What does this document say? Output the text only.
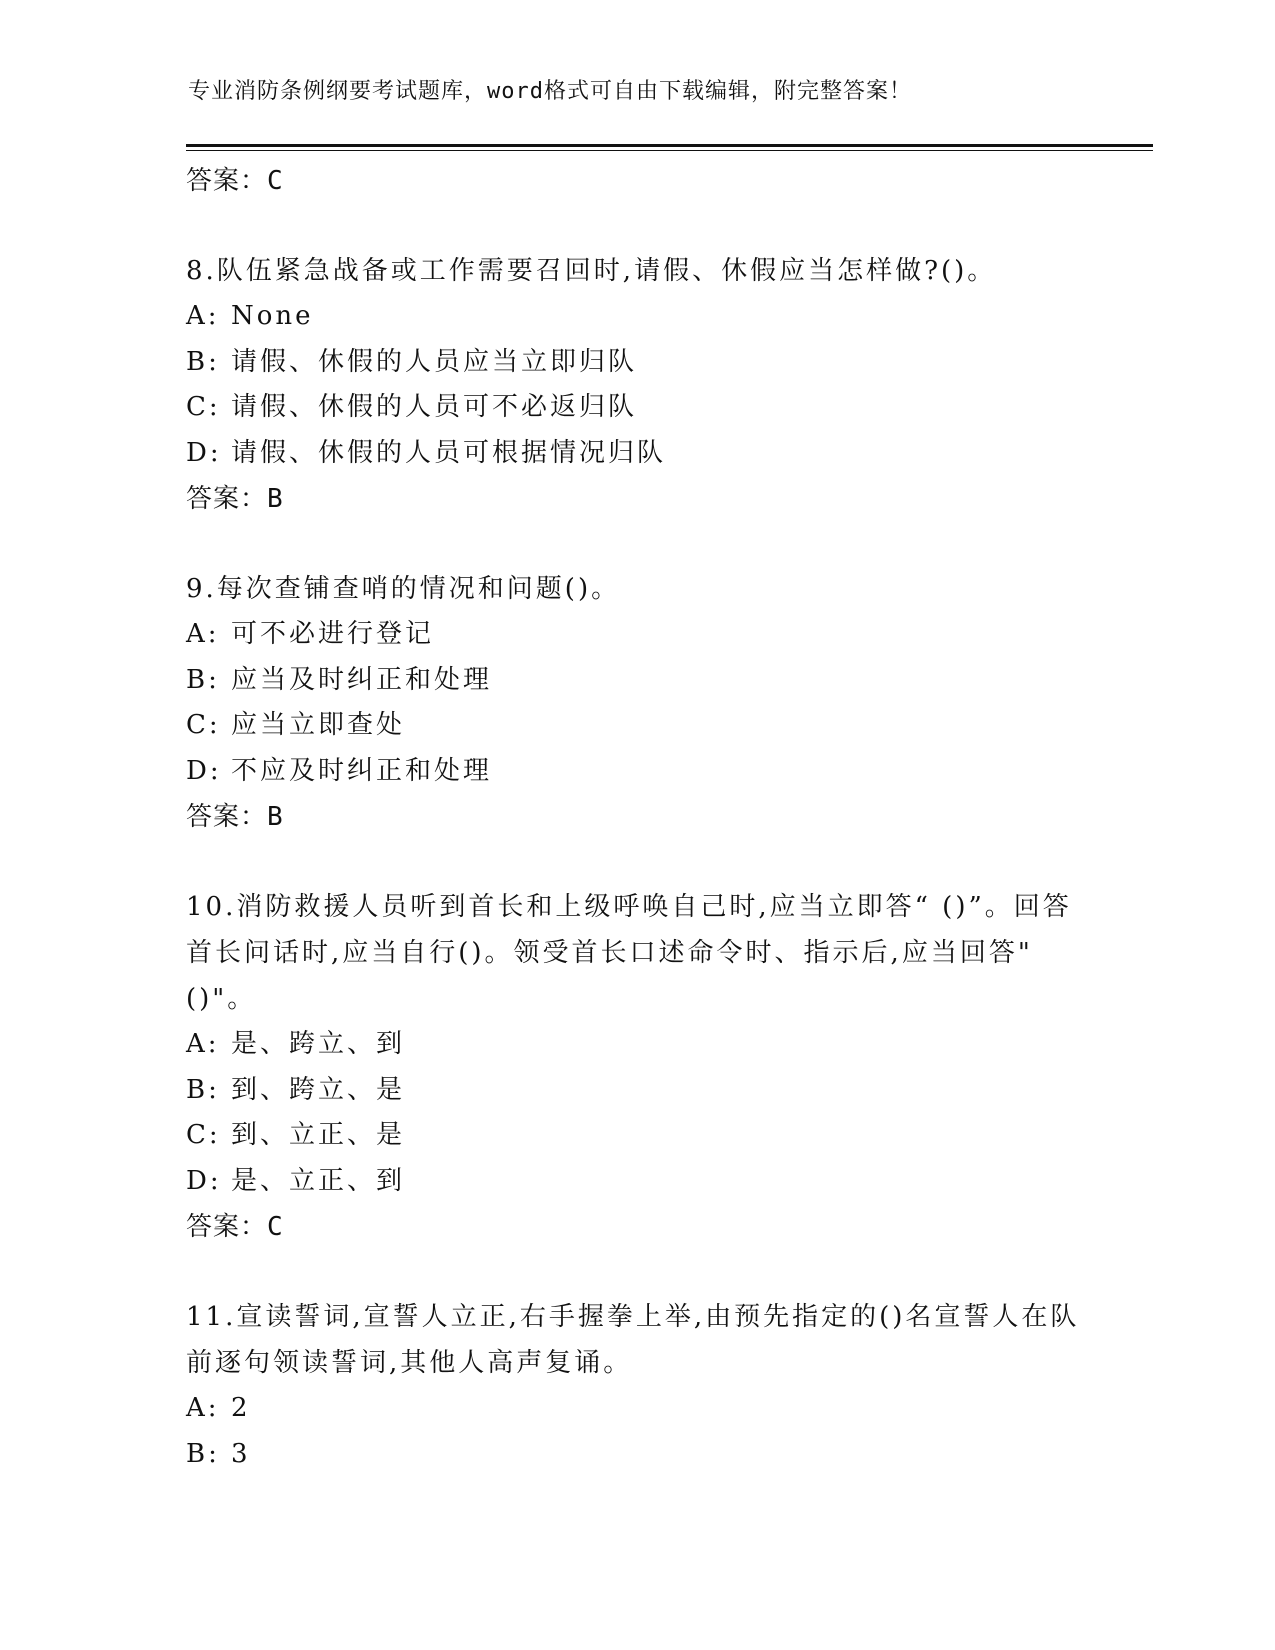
专业消防条例纲要考试题库，word格式可自由下载编辑，附完整答案！
答案：C
8.队伍紧急战备或工作需要召回时,请假、休假应当怎样做?()。
A: None
B: 请假、休假的人员应当立即归队
C: 请假、休假的人员可不必返归队
D: 请假、休假的人员可根据情况归队
答案：B
9.每次查铺查哨的情况和问题()。
A: 可不必进行登记
B: 应当及时纠正和处理
C: 应当立即查处
D: 不应及时纠正和处理
答案：B
10.消防救援人员听到首长和上级呼唤自己时,应当立即答“ ()”。回答首长问话时,应当自行()。领受首长口述命令时、指示后,应当回答"()"。
A: 是、跨立、到
B: 到、跨立、是
C: 到、立正、是
D: 是、立正、到
答案：C
11.宣读誓词,宣誓人立正,右手握拳上举,由预先指定的()名宣誓人在队前逐句领读誓词,其他人高声复诵。
A: 2
B: 3
